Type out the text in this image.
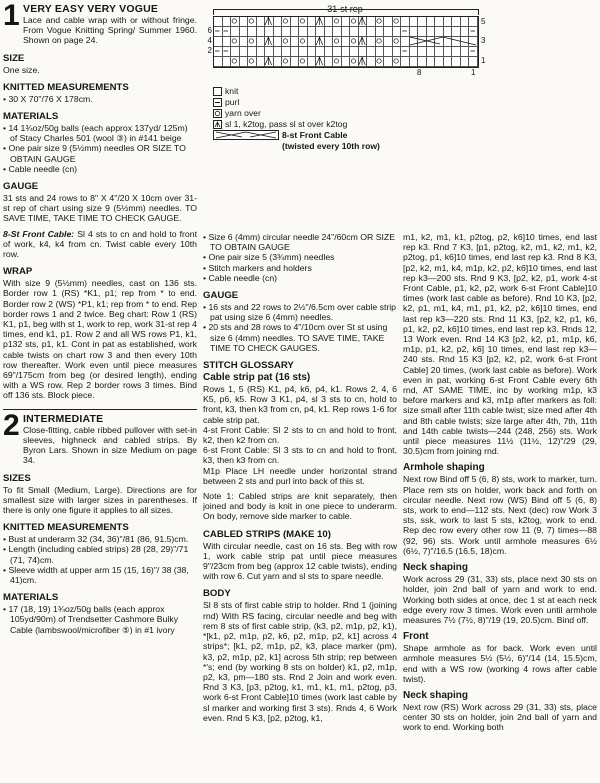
31-st rep
5
3
1
6
4
2
8	1
knit
purl
yarn over
sl 1, k2tog, pass sl st over k2tog
8-st Front Cable
(twisted every 10th row)
1 VERY EASY VERY VOGUE
Lace and cable wrap with or without fringe. From Vogue Knitting Spring/ Summer 1960. Shown on page 24.
SIZE

One size.

KNITTED MEASUREMENTS

• 30 X 70"/76 X 178cm.

MATERIALS

• 14 1¾oz/50g balls (each approx 137yd/ 125m) of Stacy Charles 501 (wool ③) in #141 beige

• One pair size 9 (5½mm) needles OR SIZE TO OBTAIN GAUGE

• Cable needle (cn)

GAUGE

31 sts and 24 rows to 8" X 4"/20 X 10cm over 31-st rep of chart using size 9 (5½mm) needles. TO SAVE TIME, TAKE TIME TO CHECK GAUGE.

8-St Front Cable: Sl 4 sts to cn and hold to front of work, k4, k4 from cn. Twist cable every 10th row.

WRAP

With size 9 (5½mm) needles, cast on 136 sts. Border row 1 (RS) *K1, p1; rep from * to end. Border row 2 (WS) *P1, k1; rep from * to end. Rep border rows 1 and 2 twice. Beg chart: Row 1 (RS) K1, p1, beg with st 1, work to rep, work 31-st rep 4 times, end k1, p1. Row 2 and all WS rows P1, k1, p132 sts, p1, k1. Cont in pat as established, work cable twists on chart row 3 and then every 10th row thereafter. Work even until piece measures 69"/175cm from beg (or desired length), ending with a WS row. Rep 2 border rows 3 times. Bind off 136 sts. Block piece.

2 INTERMEDIATE
Close-fitting, cable ribbed pullover with set-in sleeves, highneck and cabled strips. By Byron Lars. Shown in size Medium on page 34.
SIZES

To fit Small (Medium, Large). Directions are for smallest size with larger sizes in parentheses. If there is only one figure it applies to all sizes.

KNITTED MEASUREMENTS

• Bust at underarm 32 (34, 36)"/81 (86, 91.5)cm.

• Length (including cabled strips) 28 (28, 29)"/71 (71, 74)cm.

• Sleeve width at upper arm 15 (15, 16)"/ 38 (38, 41)cm.

MATERIALS

• 17 (18, 19) 1¾oz/50g balls (each approx 105yd/90m) of Trendsetter Cashmore Bulky Cable (lambswool/microfiber ⑤) in #1 ivory

• Size 6 (4mm) circular needle 24"/60cm OR SIZE TO OBTAIN GAUGE

• One pair size 5 (3¾mm) needles

• Stitch markers and holders

• Cable needle (cn)

GAUGE

• 16 sts and 22 rows to 2½"/6.5cm over cable strip pat using size 6 (4mm) needles.

• 20 sts and 28 rows to 4"/10cm over St st using size 6 (4mm) needles. TO SAVE TIME, TAKE TIME TO CHECK GAUGES.

STITCH GLOSSARY
Cable strip pat (16 sts)

Rows 1, 5 (RS) K1, p4, k6, p4, k1. Rows 2, 4, 6 K5, p6, k5. Row 3 K1, p4, sl 3 sts to cn, hold to front, k3, then k3 from cn, p4, k1. Rep rows 1-6 for cable strip pat.

4-st Front Cable: Sl 2 sts to cn and hold to front, k2, then k2 from cn.

6-st Front Cable: Sl 3 sts to cn and hold to front, k3, then k3 from cn.

M1p Place LH needle under horizontal strand between 2 sts and purl into back of this st.

Note 1: Cabled strips are knit separately, then joined and body is knit in one piece to underarm. On body, remove side marker to cable.

CABLED STRIPS (MAKE 10)

With circular needle, cast on 16 sts. Beg with row 1, work cable strip pat until piece measures 9"/23cm from beg (approx 12 cable twists), ending with row 6. Cut yarn and sl sts to spare needle.

BODY

Sl 8 sts of first cable strip to holder. Rnd 1 (joining rnd) With RS facing, circular needle and beg with rem 8 sts of first cable strip, (k3, p2, m1p, p2, k1), *[k1, p2, m1p, p2, k6, p2, m1p, p2, k1] across 4 strips*; [k1, p2, m1p, p2, k3, place marker (pm), k3, p2, m1p, p2, k1] across 5th strip; rep between *'s; end (by working 8 sts on holder) k1, p2, m1p, p2, k3, pm—180 sts. Rnd 2 Join and work even. Rnd 3 K3, [p3, p2tog, k1, m1, k1, m1, p2tog, p3, work 6-st Front Cable]10 times (work last cable by sl marker and working first 3 sts). Rnds 4, 6 Work even. Rnd 5 K3, [p2, p2tog, k1,

m1, k2, m1, k1, p2tog, p2, k6]10 times, end last rep k3. Rnd 7 K3, [p1, p2tog, k2, m1, k2, m1, k2, p2tog, p1, k6]10 times, end last rep k3. Rnd 8 K3, [p2, k2, m1, k4, m1p, k2, p2, k6]10 times, end last rep k3—200 sts. Rnd 9 K3, [p2, k2, p1, work 4-st Front Cable, p1, k2, p2, work 6-st Front Cable]10 times (work last cable as before). Rnd 10 K3, [p2, k2, p1, m1, k4, m1, p1, k2, p2, k6]10 times, end last rep k3—220 sts. Rnd 11 K3, [p2, k2, p1, k6, p1, k2, p2, k6]10 times, end last rep k3. Rnds 12, 13 Work even. Rnd 14 K3 [p2, k2, p1, m1p, k6, m1p, p1, k2, p2, k6] 10 times, end last rep k3—240 sts. Rnd 15 K3 [p2, k2, p2, work 6-st Front Cable] 20 times, (work last cable as before). Work even in pat, working 6-st Front Cable every 6th rnd, AT SAME TIME, inc by working m1p, k3 before markers and k3, m1p after markers as foll: size small after 11th cable twist; size med after 4th and 8th cable twists; size large after 4th, 7th, 11th and 14th cable twists—244 (248, 256) sts. Work until piece measures 11½ (11½, 12)"/29 (29, 30.5)cm from joining rnd.

Armhole shaping

Next row Bind off 5 (6, 8) sts, work to marker, turn. Place rem sts on holder, work back and forth on circular needle. Next row (WS) Bind off 5 (6, 8) sts, work to end—112 sts. Next (dec) row Work 3 sts, ssk, work to last 5 sts, k2tog, work to end. Rep dec row every other row 11 (9, 7) times—88 (92, 96) sts. Work until armhole measures 6½ (6½, 7)"/16.5 (16.5, 18)cm.

Neck shaping

Work across 29 (31, 33) sts, place next 30 sts on holder, join 2nd ball of yarn and work to end. Working both sides at once, dec 1 st at each neck edge every row 3 times. Work even until armhole measures 7½ (7½, 8)"/19 (19, 20.5)cm. Bind off.

Front

Shape armhole as for back. Work even until armhole measures 5½ (5½, 6)"/14 (14, 15.5)cm, end with a WS row (working 4 rows after cable twist).

Neck shaping

Next row (RS) Work across 29 (31, 33) sts, place center 30 sts on holder, join 2nd ball of yarn and work to end. Working both
